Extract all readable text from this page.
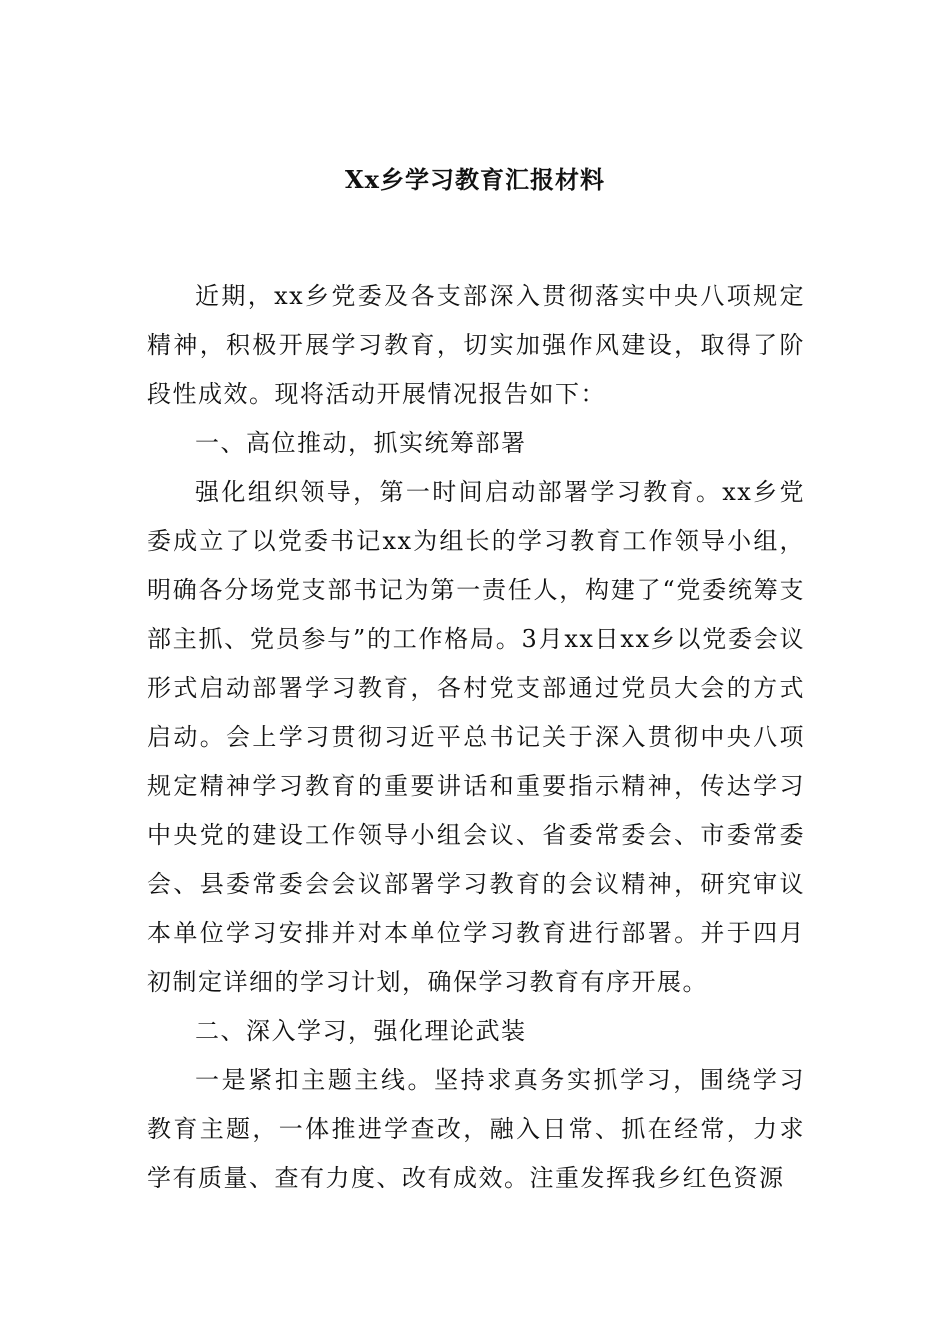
Xx乡学习教育汇报材料

近期，xx乡党委及各支部深入贯彻落实中央八项规定精神，积极开展学习教育，切实加强作风建设，取得了阶段性成效。现将活动开展情况报告如下：

一、高位推动，抓实统筹部署

强化组织领导，第一时间启动部署学习教育。xx乡党委成立了以党委书记xx为组长的学习教育工作领导小组，明确各分场党支部书记为第一责任人，构建了“党委统筹支部主抓、党员参与”的工作格局。3月xx日xx乡以党委会议形式启动部署学习教育，各村党支部通过党员大会的方式启动。会上学习贯彻习近平总书记关于深入贯彻中央八项规定精神学习教育的重要讲话和重要指示精神，传达学习中央党的建设工作领导小组会议、省委常委会、市委常委会、县委常委会会议部署学习教育的会议精神，研究审议本单位学习安排并对本单位学习教育进行部署。并于四月初制定详细的学习计划，确保学习教育有序开展。

二、深入学习，强化理论武装

一是紧扣主题主线。坚持求真务实抓学习，围绕学习教育主题，一体推进学查改，融入日常、抓在经常，力求学有质量、查有力度、改有成效。注重发挥我乡红色资源
